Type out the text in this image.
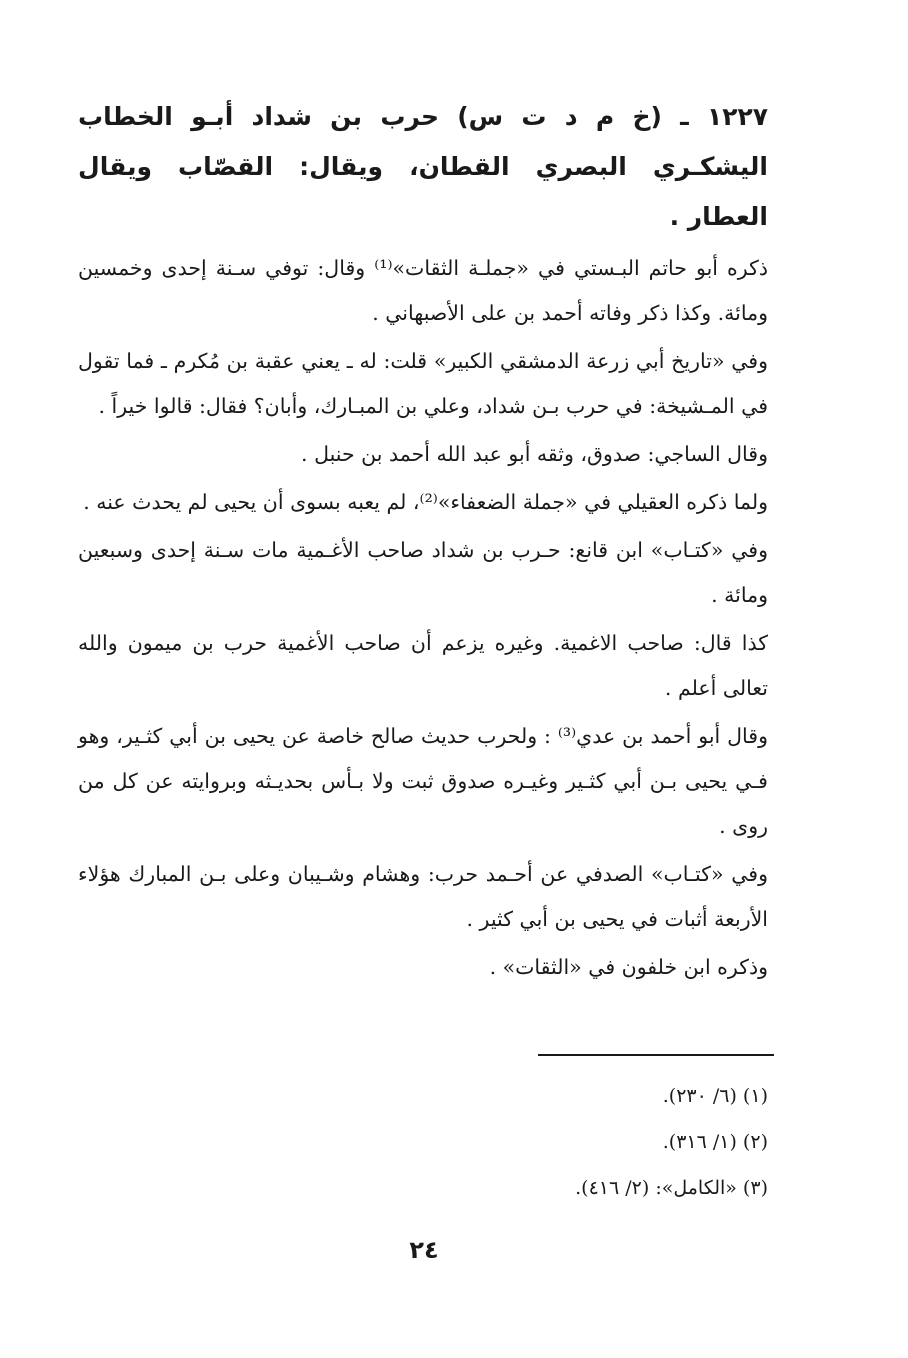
١٢٢٧ ـ (خ م د ت س) حرب بن شداد أبـو الخطاب اليشكـري البصري القطان، ويقال: القصّاب ويقال العطار .

ذكره أبو حاتم البـستي في «جملـة الثقات»⁽¹⁾ وقال: توفي سـنة إحدى وخمسين ومائة. وكذا ذكر وفاته أحمد بن على الأصبهاني .

وفي «تاريخ أبي زرعة الدمشقي الكبير» قلت: له ـ يعني عقبة بن مُكرم ـ فما تقول في المـشيخة: في حرب بـن شداد، وعلي بن المبـارك، وأبان؟ فقال: قالوا خيراً .

وقال الساجي: صدوق، وثقه أبو عبد الله أحمد بن حنبل .

ولما ذكره العقيلي في «جملة الضعفاء»⁽²⁾، لم يعبه بسوى أن يحيى لم يحدث عنه .

وفي «كتـاب» ابن قانع: حـرب بن شداد صاحب الأغـمية مات سـنة إحدى وسبعين ومائة .

كذا قال: صاحب الاغمية. وغيره يزعم أن صاحب الأغمية حرب بن ميمون والله تعالى أعلم .

وقال أبو أحمد بن عدي⁽³⁾ : ولحرب حديث صالح خاصة عن يحيى بن أبي كثـير، وهو فـي يحيى بـن أبي كثـير وغيـره صدوق ثبت ولا بـأس بحديـثه وبروايته عن كل من روى .

وفي «كتـاب» الصدفي عن أحـمد حرب: وهشام وشـيبان وعلى بـن المبارك هؤلاء الأربعة أثبات في يحيى بن أبي كثير .

وذكره ابن خلفون في «الثقات» .

(١) (٦/ ٢٣٠).

(٢) (١/ ٣١٦).

(٣) «الكامل»: (٢/ ٤١٦).

٢٤
